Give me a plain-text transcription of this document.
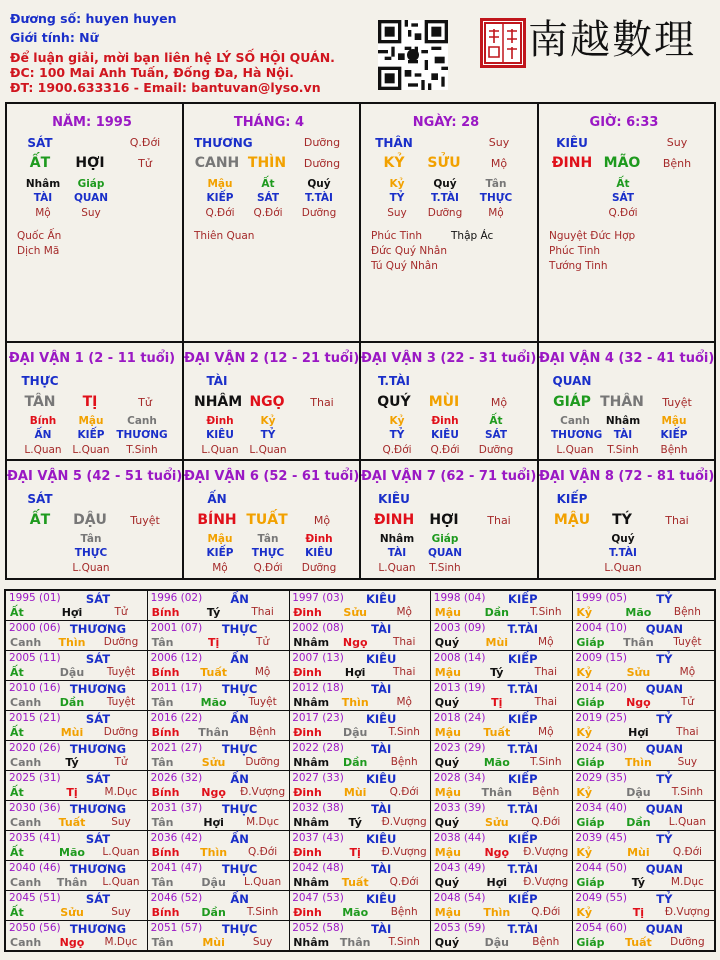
Đương số: huyen huyen
Giới tính: Nữ
Để luận giải, mời bạn liên hệ LÝ SỐ HỘI QUÁN.
ĐC: 100 Mai Anh Tuấn, Đống Đa, Hà Nội.
ĐT: 1900.633316 - Email: bantuvan@lyso.vn
南越數理
NĂM: 1995
SÁT	Q.Đới
ẤT	HỢI	Tử
Nhâm
TÀI
Mộ
Giáp
QUAN
Suy
Quốc Ấn
Dịch Mã
THÁNG: 4
THƯƠNG	Dưỡng
CANH THÌN	Dưỡng
Mậu
KIẾP
Q.Đới
Ất
SÁT
Q.Đới
Quý
T.TÀI
Dưỡng
Thiên Quan
NGÀY: 28
THÂN	Suy
KỶ	SỬU	Mộ
Kỷ
TỶ
Suy
Quý
T.TÀI
Dưỡng
Tân
THỰC
Mộ
Phúc Tinh	Thập Ác
Đức Quý Nhân
Tú Quý Nhân
GIỜ: 6:33
KIÊU	Suy
ĐINH MÃO	Bệnh
Ất
SÁT
Q.Đới
Nguyệt Đức Hợp
Phúc Tinh
Tướng Tinh
ĐẠI VẬN 1 (2 - 11 tuổi)
THỰC
TÂN	TỊ	Tử
Bính
ẤN
L.Quan
Mậu
KIẾP
L.Quan
Canh
THƯƠNG
T.Sinh
ĐẠI VẬN 2 (12 - 21 tuổi)
TÀI
NHÂM NGỌ	Thai
Đinh
KIÊU
L.Quan
Kỷ
TỶ
L.Quan
ĐẠI VẬN 3 (22 - 31 tuổi)
T.TÀI
QUÝ	MÙI	Mộ
Kỷ
TỶ
Q.Đới
Đinh
KIÊU
Q.Đới
Ất
SÁT
Dưỡng
ĐẠI VẬN 4 (32 - 41 tuổi)
QUAN
GIÁP THÂN	Tuyệt
Canh
THƯƠNG
L.Quan
Nhâm
TÀI
T.Sinh
Mậu
KIẾP
Bệnh
ĐẠI VẬN 5 (42 - 51 tuổi)
SÁT
ẤT	DẬU	Tuyệt
Tân
THỰC
L.Quan
ĐẠI VẬN 6 (52 - 61 tuổi)
ẤN
BÍNH TUẤT	Mộ
Mậu
KIẾP
Mộ
Tân
THỰC
Q.Đới
Đinh
KIÊU
Dưỡng
ĐẠI VẬN 7 (62 - 71 tuổi)
KIÊU
ĐINH	HỢI	Thai
Nhâm
TÀI
L.Quan
Giáp
QUAN
T.Sinh
ĐẠI VẬN 8 (72 - 81 tuổi)
KIẾP
MẬU	TÝ	Thai
Quý
T.TÀI
L.Quan
1995 (01)	SÁT
Ất	Hợi	Tử
1996 (02)	ẤN
Bính	Tý	Thai
1997 (03)	KIÊU
Đinh	Sửu	Mộ
1998 (04)	KIẾP
Mậu	Dần	T.Sinh
1999 (05)	TỶ
Kỷ	Mão	Bệnh
2000 (06) THƯƠNG
Canh	Thìn	Dưỡng
2001 (07)	THỰC
Tân	Tị	Tử
2002 (08)	TÀI
Nhâm	Ngọ	Thai
2003 (09)	T.TÀI
Quý	Mùi	Mộ
2004 (10)	QUAN
Giáp	Thân	Tuyệt
2005 (11)	SÁT
Ất	Dậu	Tuyệt
2006 (12)	ẤN
Bính	Tuất	Mộ
2007 (13)	KIÊU
Đinh	Hợi	Thai
2008 (14)	KIẾP
Mậu	Tý	Thai
2009 (15)	TỶ
Kỷ	Sửu	Mộ
2010 (16) THƯƠNG
Canh	Dần	Tuyệt
2011 (17)	THỰC
Tân	Mão	Tuyệt
2012 (18)	TÀI
Nhâm	Thìn	Mộ
2013 (19)	T.TÀI
Quý	Tị	Thai
2014 (20)	QUAN
Giáp	Ngọ	Tử
2015 (21)	SÁT
Ất	Mùi	Dưỡng
2016 (22)	ẤN
Bính	Thân	Bệnh
2017 (23)	KIÊU
Đinh	Dậu	T.Sinh
2018 (24)	KIẾP
Mậu	Tuất	Mộ
2019 (25)	TỶ
Kỷ	Hợi	Thai
2020 (26) THƯƠNG
Canh	Tý	Tử
2021 (27)	THỰC
Tân	Sửu	Dưỡng
2022 (28)	TÀI
Nhâm	Dần	Bệnh
2023 (29)	T.TÀI
Quý	Mão	T.Sinh
2024 (30)	QUAN
Giáp	Thìn	Suy
2025 (31)	SÁT
Ất	Tị	M.Dục
2026 (32)	ẤN
Bính	Ngọ	Đ.Vượng
2027 (33)	KIÊU
Đinh	Mùi	Q.Đới
2028 (34)	KIẾP
Mậu	Thân	Bệnh
2029 (35)	TỶ
Kỷ	Dậu	T.Sinh
2030 (36) THƯƠNG
Canh	Tuất	Suy
2031 (37)	THỰC
Tân	Hợi	M.Dục
2032 (38)	TÀI
Nhâm	Tý	Đ.Vượng
2033 (39)	T.TÀI
Quý	Sửu	Q.Đới
2034 (40)	QUAN
Giáp	Dần	L.Quan
2035 (41)	SÁT
Ất	Mão	L.Quan
2036 (42)	ẤN
Bính	Thìn	Q.Đới
2037 (43)	KIÊU
Đinh	Tị	Đ.Vượng
2038 (44)	KIẾP
Mậu	Ngọ	Đ.Vượng
2039 (45)	TỶ
Kỷ	Mùi	Q.Đới
2040 (46) THƯƠNG
Canh	Thân	L.Quan
2041 (47)	THỰC
Tân	Dậu	L.Quan
2042 (48)	TÀI
Nhâm	Tuất	Q.Đới
2043 (49)	T.TÀI
Quý	Hợi	Đ.Vượng
2044 (50)	QUAN
Giáp	Tý	M.Dục
2045 (51)	SÁT
Ất	Sửu	Suy
2046 (52)	ẤN
Bính	Dần	T.Sinh
2047 (53)	KIÊU
Đinh	Mão	Bệnh
2048 (54)	KIẾP
Mậu	Thìn	Q.Đới
2049 (55)	TỶ
Kỷ	Tị	Đ.Vượng
2050 (56) THƯƠNG
Canh	Ngọ	M.Dục
2051 (57)	THỰC
Tân	Mùi	Suy
2052 (58)	TÀI
Nhâm Thân	T.Sinh
2053 (59)	T.TÀI
Quý	Dậu	Bệnh
2054 (60)	QUAN
Giáp	Tuất	Dưỡng
